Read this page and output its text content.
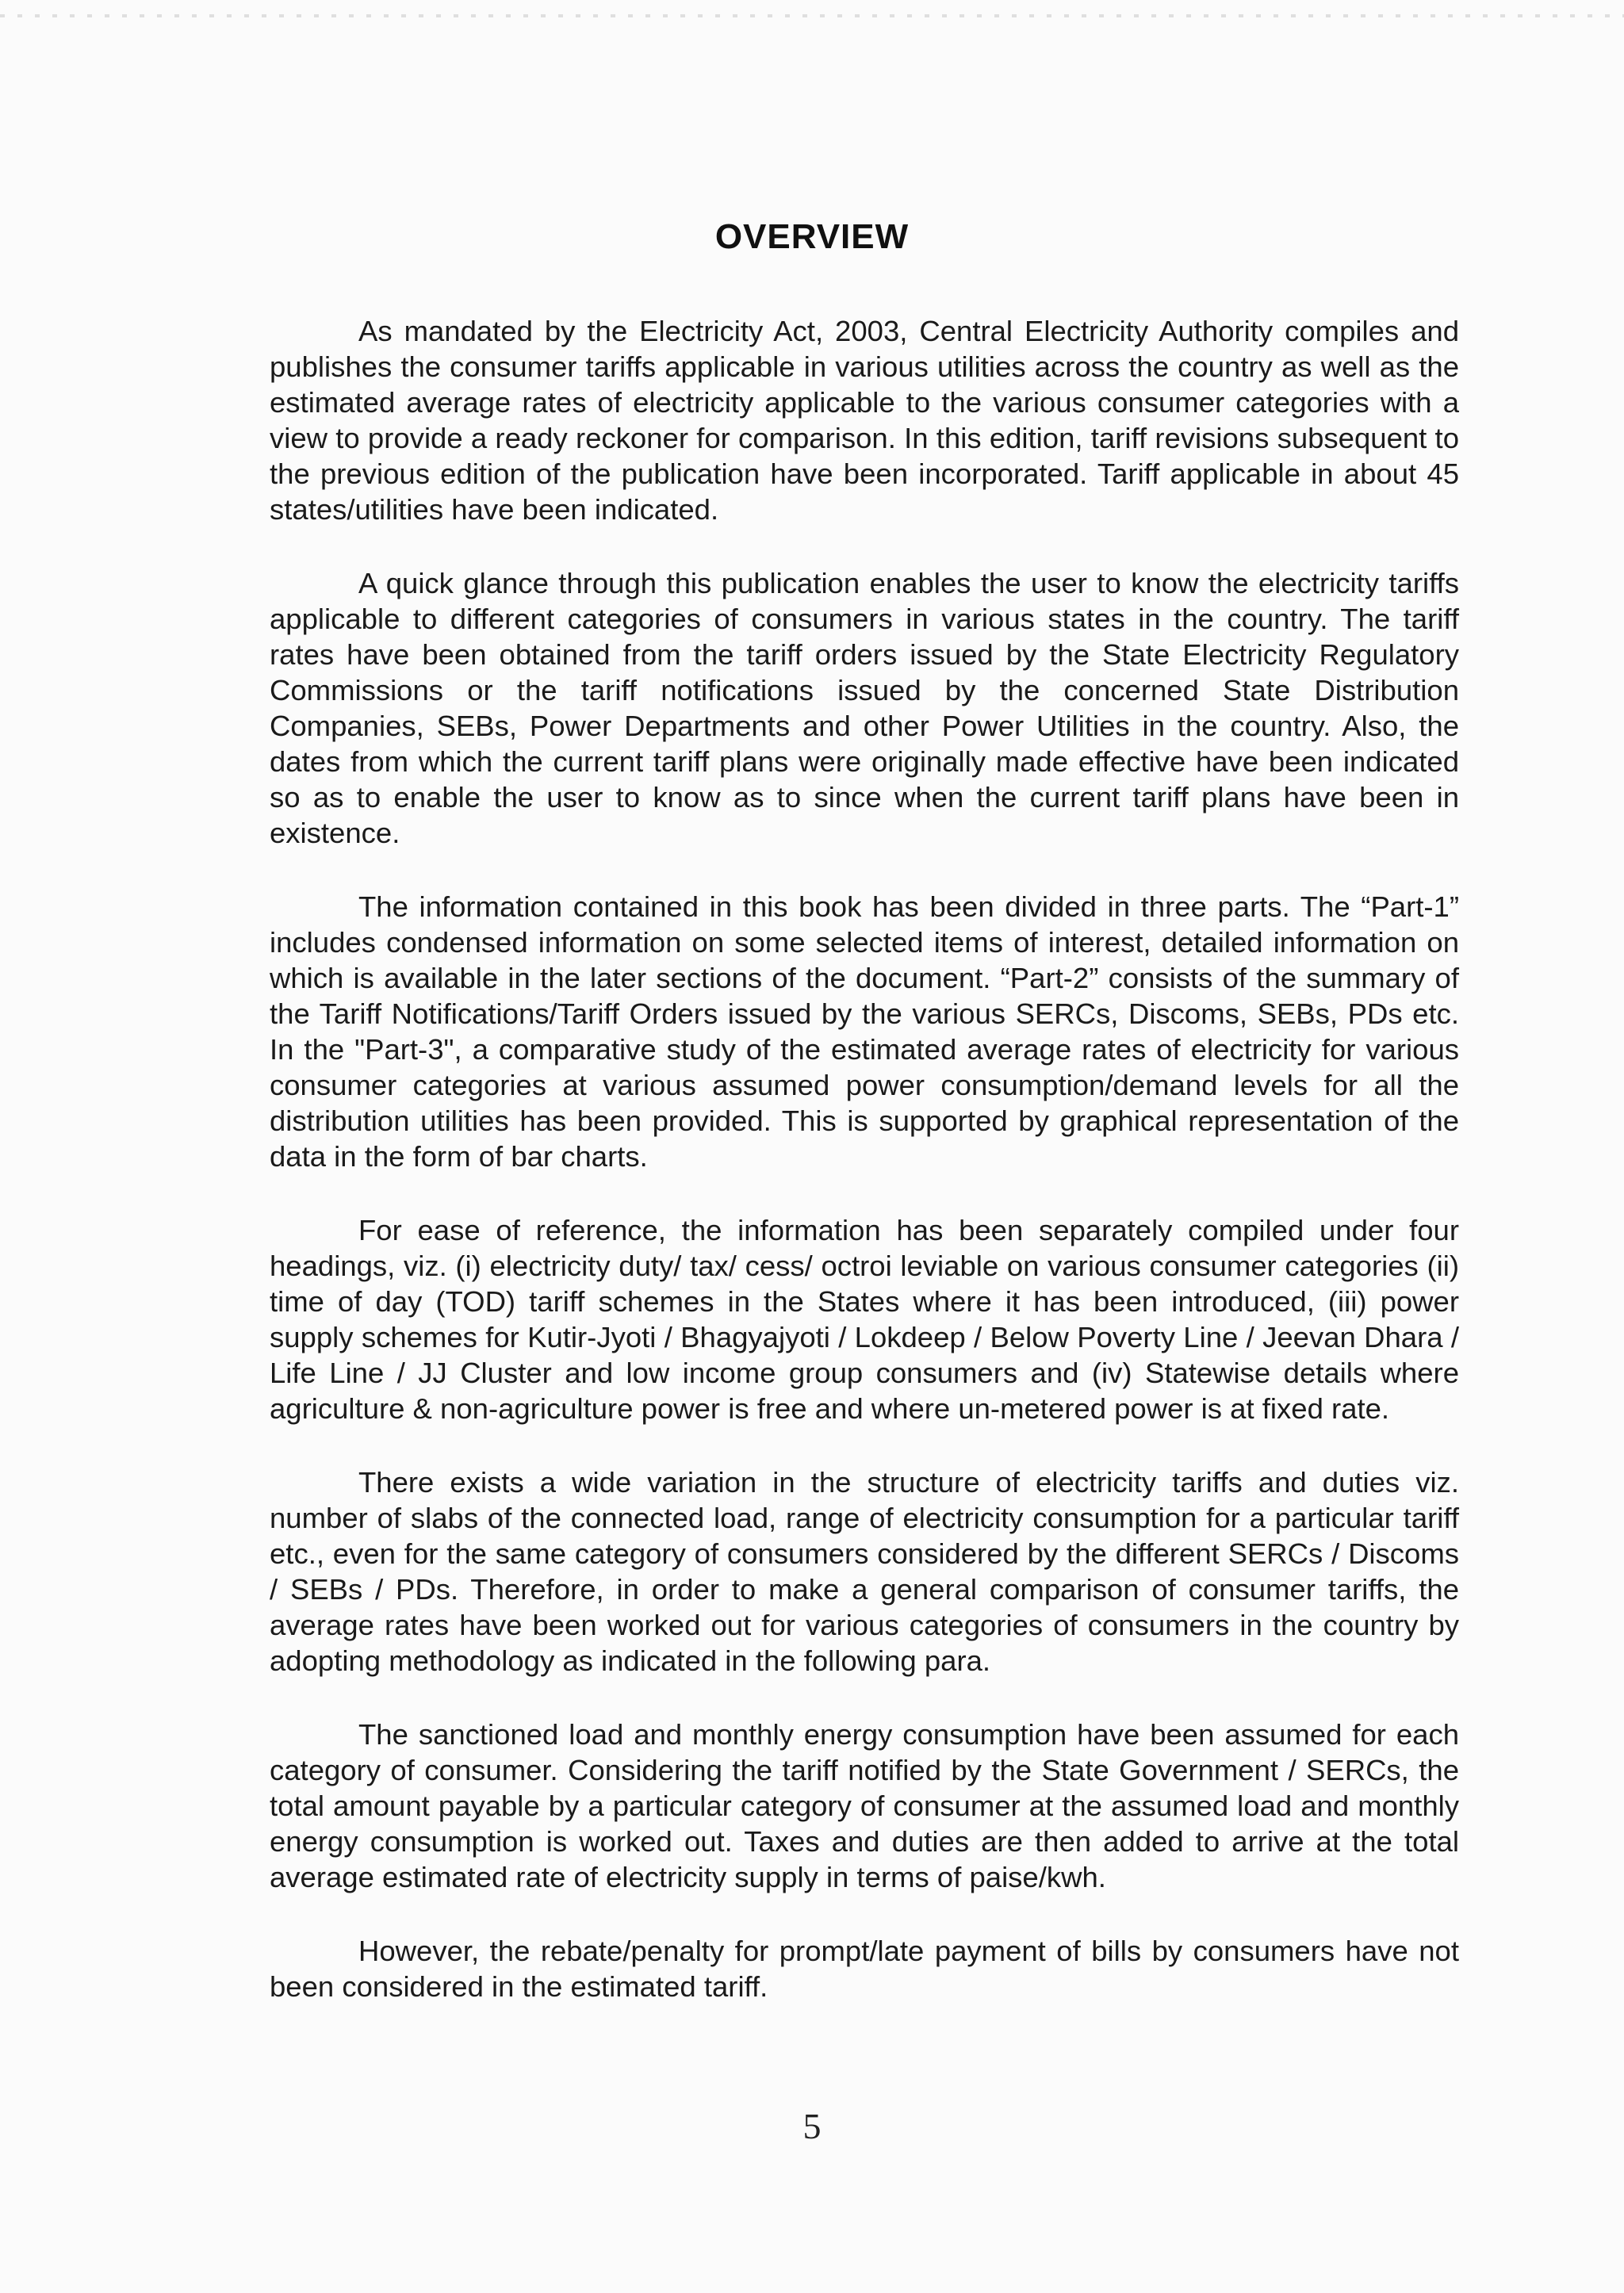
OVERVIEW

As mandated by the Electricity Act, 2003, Central Electricity Authority compiles and publishes the consumer tariffs applicable in various utilities across the country as well as the estimated average rates of electricity applicable to the various consumer categories with a view to provide a ready reckoner for comparison. In this edition, tariff revisions subsequent to the previous edition of the publication have been incorporated. Tariff applicable in about 45 states/utilities have been indicated.

A quick glance through this publication enables the user to know the electricity tariffs applicable to different categories of consumers in various states in the country. The tariff rates have been obtained from the tariff orders issued by the State Electricity Regulatory Commissions or the tariff notifications issued by the concerned State Distribution Companies, SEBs, Power Departments and other Power Utilities in the country. Also, the dates from which the current tariff plans were originally made effective have been indicated so as to enable the user to know as to since when the current tariff plans have been in existence.

The information contained in this book has been divided in three parts. The “Part-1” includes condensed information on some selected items of interest, detailed information on which is available in the later sections of the document. “Part-2” consists of the summary of the Tariff Notifications/Tariff Orders issued by the various SERCs, Discoms, SEBs, PDs etc. In the "Part-3", a comparative study of the estimated average rates of electricity for various consumer categories at various assumed power consumption/demand levels for all the distribution utilities has been provided. This is supported by graphical representation of the data in the form of bar charts.

For ease of reference, the information has been separately compiled under four headings, viz. (i) electricity duty/ tax/ cess/ octroi leviable on various consumer categories (ii) time of day (TOD) tariff schemes in the States where it has been introduced, (iii) power supply schemes for Kutir-Jyoti / Bhagyajyoti / Lokdeep / Below Poverty Line / Jeevan Dhara / Life Line / JJ Cluster and low income group consumers and (iv) Statewise details where agriculture & non-agriculture power is free and where un-metered power is at fixed rate.

There exists a wide variation in the structure of electricity tariffs and duties viz. number of slabs of the connected load, range of electricity consumption for a particular tariff etc., even for the same category of consumers considered by the different SERCs / Discoms / SEBs / PDs. Therefore, in order to make a general comparison of consumer tariffs, the average rates have been worked out for various categories of consumers in the country by adopting methodology as indicated in the following para.

The sanctioned load and monthly energy consumption have been assumed for each category of consumer. Considering the tariff notified by the State Government / SERCs, the total amount payable by a particular category of consumer at the assumed load and monthly energy consumption is worked out. Taxes and duties are then added to arrive at the total average estimated rate of electricity supply in terms of paise/kwh.

However, the rebate/penalty for prompt/late payment of bills by consumers have not been considered in the estimated tariff.

5
